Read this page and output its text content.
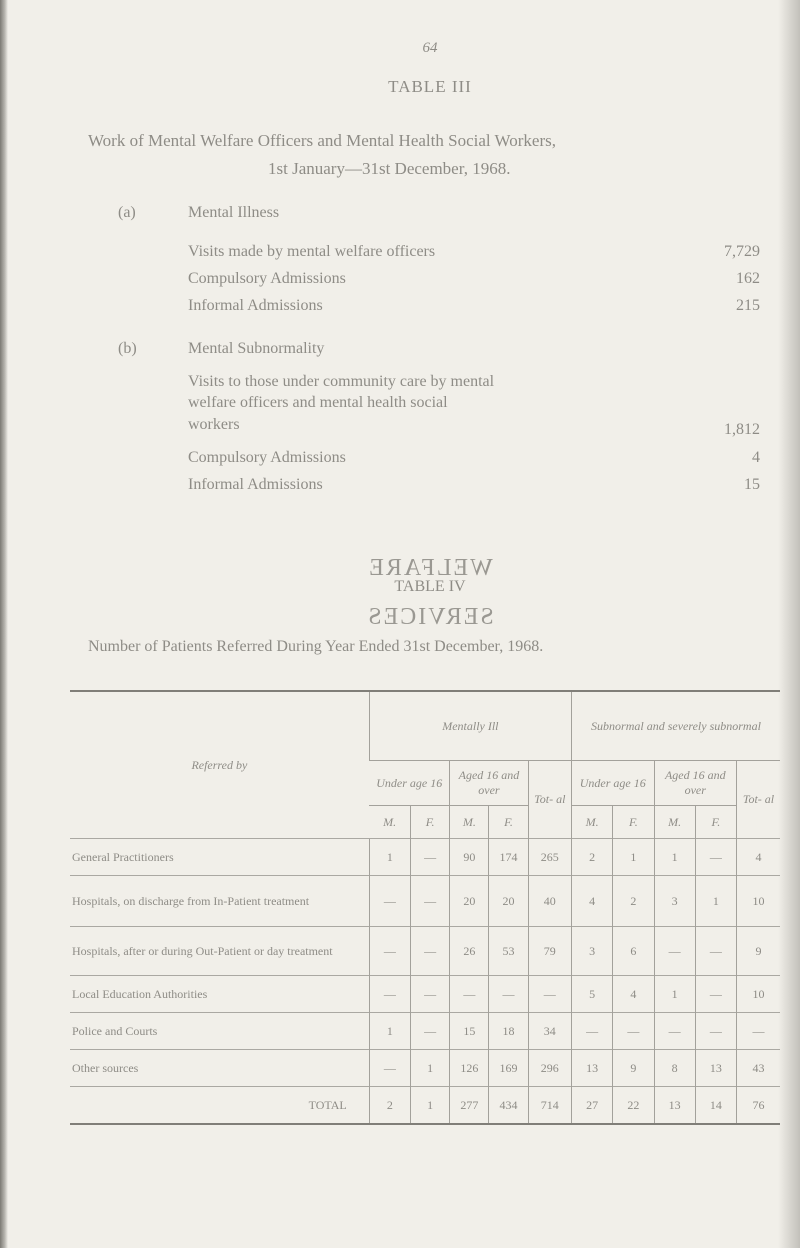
64
TABLE III
Work of Mental Welfare Officers and Mental Health Social Workers,
1st January—31st December, 1968.
(a)	Mental Illness
Visits made by mental welfare officers	7,729
Compulsory Admissions	162
Informal Admissions	215
(b)	Mental Subnormality
Visits to those under community care by mental
welfare officers and mental health social
workers	1,812
Compulsory Admissions	4
Informal Admissions	15
WELFARE
TABLE IV
SERVICES
Number of Patients Referred During Year Ended 31st December, 1968.
Referred by	Mentally Ill					Subnormal and severely subnormal				
	Under age 16		Aged 16 and over		Tot- al	Under age 16		Aged 16 and over		Tot- al
	M.	F.	M.	F.		M.	F.	M.	F.	
General Practitioners	1	—	90	174	265	2	1	1	—	4
Hospitals, on discharge from In-Patient treatment	—	—	20	20	40	4	2	3	1	10
Hospitals, after or during Out-Patient or day treatment	—	—	26	53	79	3	6	—	—	9
Local Education Authorities	—	—	—	—	—	5	4	1	—	10
Police and Courts	1	—	15	18	34	—	—	—	—	—
Other sources	—	1	126	169	296	13	9	8	13	43
TOTAL	2	1	277	434	714	27	22	13	14	76
